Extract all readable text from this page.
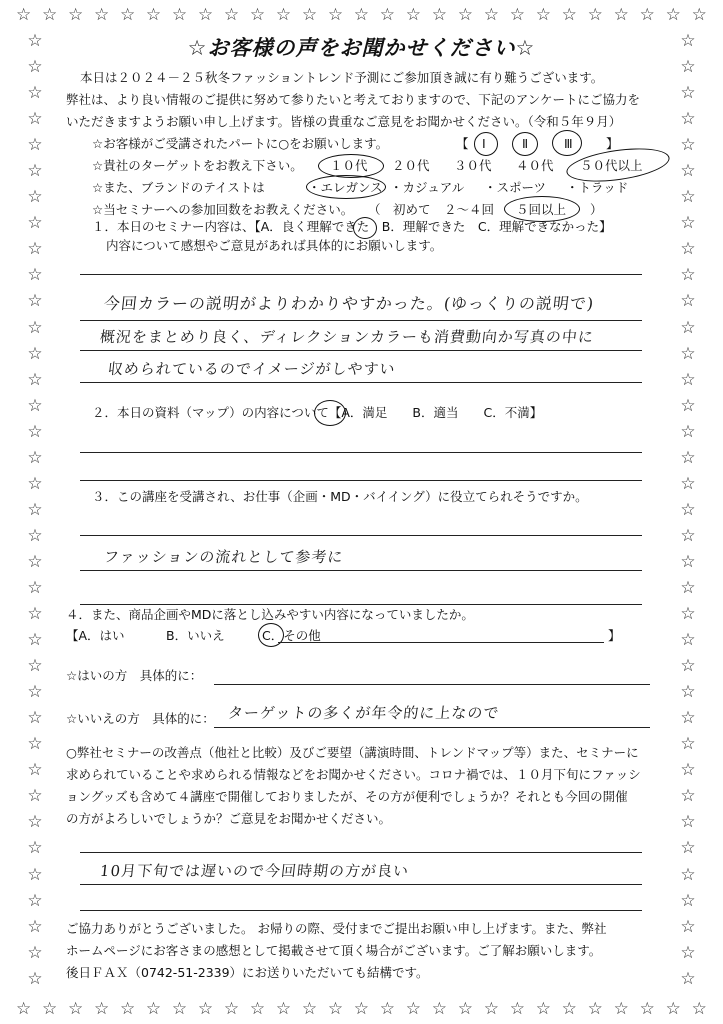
☆ ☆ ☆ ☆ ☆ ☆ ☆ ☆ ☆ ☆ ☆ ☆ ☆ ☆ ☆ ☆ ☆ ☆ ☆ ☆ ☆ ☆ ☆ ☆ ☆ ☆ ☆
☆ ☆ ☆ ☆ ☆ ☆ ☆ ☆ ☆ ☆ ☆ ☆ ☆ ☆ ☆ ☆ ☆ ☆ ☆ ☆ ☆ ☆ ☆ ☆ ☆ ☆ ☆
☆
☆
☆
☆
☆
☆
☆
☆
☆
☆
☆
☆
☆
☆
☆
☆
☆
☆
☆
☆
☆
☆
☆
☆
☆
☆
☆
☆
☆
☆
☆
☆
☆
☆
☆
☆
☆
☆
☆
☆
☆
☆
☆
☆
☆
☆
☆
☆
☆
☆
☆
☆
☆
☆
☆
☆
☆
☆
☆
☆
☆
☆
☆
☆
☆
☆
☆
☆
☆
☆
☆
☆
☆
☆
☆お客様の声をお聞かせください☆
本日は２０２４－２５秋冬ファッショントレンド予測にご参加頂き誠に有り難うございます。
弊社は、より良い情報のご提供に努めて参りたいと考えておりますので、下記のアンケートにご協力を
いただきますようお願い申し上げます。皆様の貴重なご意見をお聞かせください。（令和５年９月）
☆お客様がご受講されたパートに○をお願いします。	【 Ⅰ	Ⅱ	Ⅲ	】
☆貴社のターゲットをお教え下さい。 １０代 ２０代 ３０代 ４０代 ５０代以上
☆また、ブランドのテイストは	・エレガンス ・カジュアル ・スポーツ ・トラッド
☆当セミナーへの参加回数をお教えください。 （　初めて ２～４回 ５回以上 ）
１．本日のセミナー内容は、【A．良く理解できた　B．理解できた　C．理解できなかった】
内容について感想やご意見があれば具体的にお願いします。
今回カラーの説明がよりわかりやすかった。(ゆっくりの説明で)
概況をまとめり良く、ディレクションカラーも消費動向か写真の中に
収められているのでイメージがしやすい
２．本日の資料（マップ）の内容について【A．満足　　B．適当　　C．不満】
３．この講座を受講され、お仕事（企画・MD・バイイング）に役立てられそうですか。
ファッションの流れとして参考に
４．また、商品企画やMDに落とし込みやすい内容になっていましたか。
【A．はい	B．いいえ	C．その他	】
☆はいの方　具体的に：
☆いいえの方　具体的に： ターゲットの多くが年令的に上なので
○弊社セミナーの改善点（他社と比較）及びご要望（講演時間、トレンドマップ等）また、セミナーに
求められていることや求められる情報などをお聞かせください。コロナ禍では、１０月下旬にファッシ
ョングッズも含めて４講座で開催しておりましたが、その方が便利でしょうか？それとも今回の開催
の方がよろしいでしょうか？ご意見をお聞かせください。
10月下旬では遅いので今回時期の方が良い
ご協力ありがとうございました。 お帰りの際、受付までご提出お願い申し上げます。また、弊社
ホームページにお客さまの感想として掲載させて頂く場合がございます。ご了解お願いします。
後日ＦＡＸ（0742-51-2339）にお送りいただいても結構です。
